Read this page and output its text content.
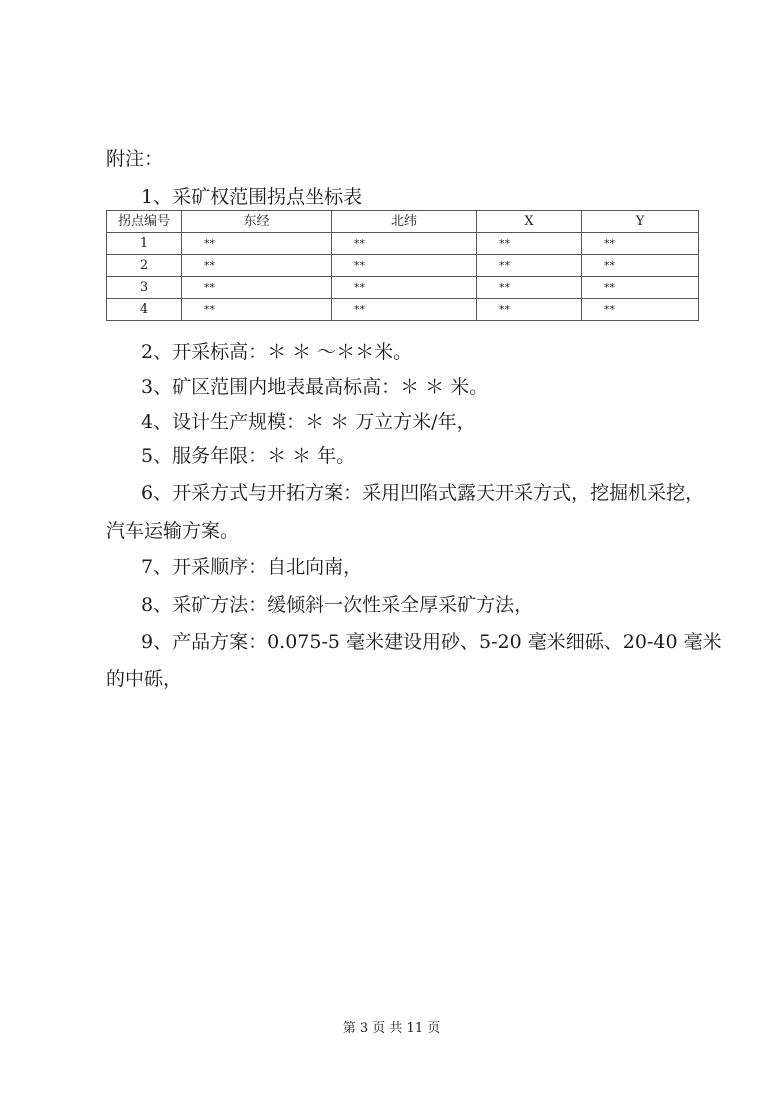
附注：
1、采矿权范围拐点坐标表
拐点编号	东经	北纬	X	Y
1	**	**	**	**
2	**	**	**	**
3	**	**	**	**
4	**	**	**	**
2、开采标高：＊ ＊ ～＊＊米。
3、矿区范围内地表最高标高：＊ ＊ 米。
4、设计生产规模：＊ ＊ 万立方米/年，
5、服务年限：＊ ＊ 年。
6、开采方式与开拓方案：采用凹陷式露天开采方式，挖掘机采挖，
汽车运输方案。
7、开采顺序：自北向南，
8、采矿方法：缓倾斜一次性采全厚采矿方法，
9、产品方案：0.075-5 毫米建设用砂、5-20 毫米细砾、20-40 毫米
的中砾，
第 3 页 共 11 页
